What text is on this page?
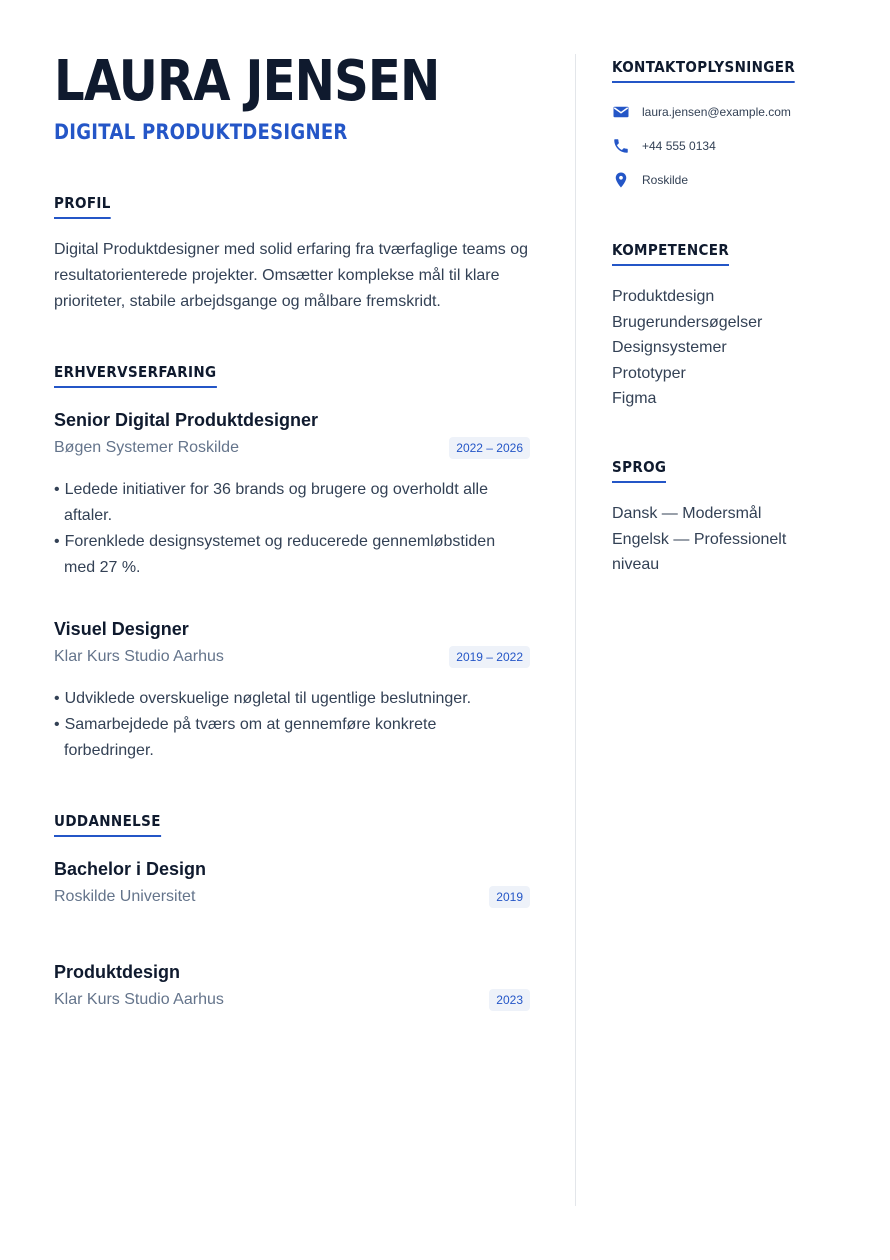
LAURA JENSEN
DIGITAL PRODUKTDESIGNER
PROFIL
Digital Produktdesigner med solid erfaring fra tværfaglige teams og resultatorienterede projekter. Omsætter komplekse mål til klare prioriteter, stabile arbejdsgange og målbare fremskridt.
ERHVERVSERFARING
Senior Digital Produktdesigner
Bøgen Systemer Roskilde	2022 – 2026
• Ledede initiativer for 36 brands og brugere og overholdt alle aftaler.
• Forenklede designsystemet og reducerede gennemløbstiden med 27 %.
Visuel Designer
Klar Kurs Studio Aarhus	2019 – 2022
• Udviklede overskuelige nøgletal til ugentlige beslutninger.
• Samarbejdede på tværs om at gennemføre konkrete forbedringer.
UDDANNELSE
Bachelor i Design
Roskilde Universitet	2019
Produktdesign
Klar Kurs Studio Aarhus	2023
KONTAKTOPLYSNINGER
laura.jensen@example.com
+44 555 0134
Roskilde
KOMPETENCER
Produktdesign
Brugerundersøgelser
Designsystemer
Prototyper
Figma
SPROG
Dansk — Modersmål
Engelsk — Professionelt niveau
